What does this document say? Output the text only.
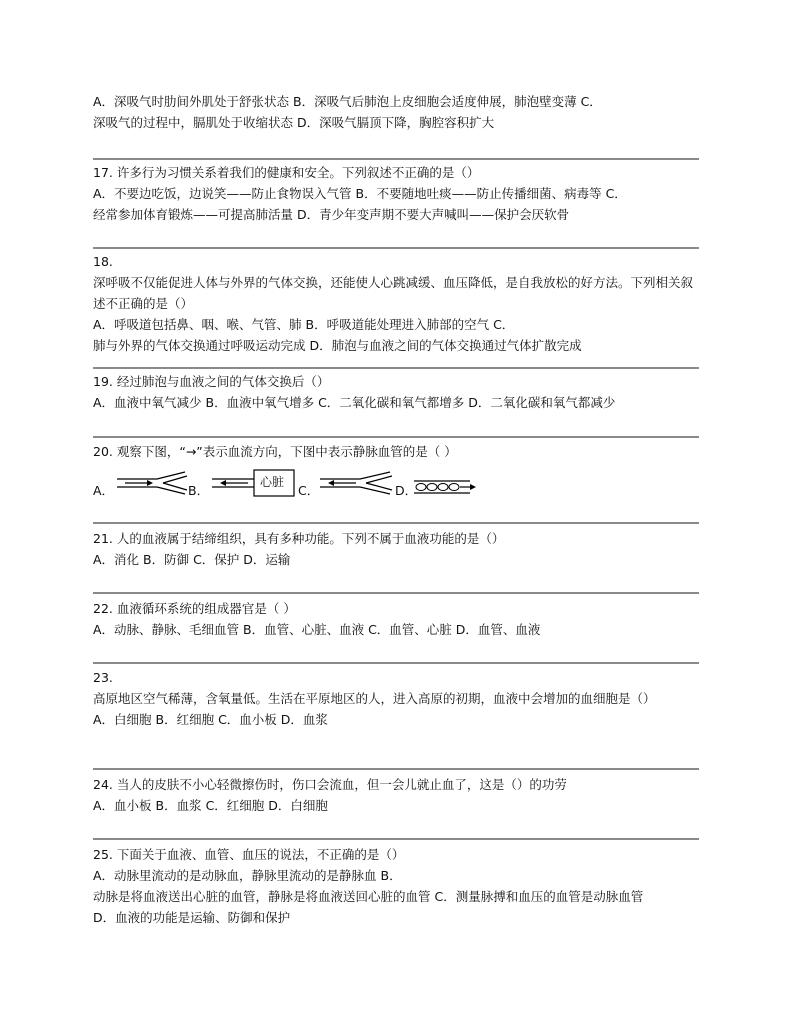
A．深吸气时肋间外肌处于舒张状态 B．深吸气后肺泡上皮细胞会适度伸展，肺泡壁变薄 C．
深吸气的过程中，膈肌处于收缩状态 D．深吸气膈顶下降，胸腔容积扩大
17. 许多行为习惯关系着我们的健康和安全。下列叙述不正确的是（）
A．不要边吃饭，边说笑——防止食物误入气管 B．不要随地吐痰——防止传播细菌、病毒等 C．
经常参加体育锻炼——可提高肺活量 D．青少年变声期不要大声喊叫——保护会厌软骨
18.
深呼吸不仅能促进人体与外界的气体交换，还能使人心跳减缓、血压降低，是自我放松的好方法。下列相关叙述不正确的是（）
A．呼吸道包括鼻、咽、喉、气管、肺 B．呼吸道能处理进入肺部的空气 C．
肺与外界的气体交换通过呼吸运动完成 D．肺泡与血液之间的气体交换通过气体扩散完成
19. 经过肺泡与血液之间的气体交换后（）
A．血液中氧气减少 B．血液中氧气增多 C．二氧化碳和氧气都增多 D．二氧化碳和氧气都减少
20. 观察下图，“→”表示血流方向，下图中表示静脉血管的是（ ）
A．	B．	C．	D．
心脏
21. 人的血液属于结缔组织，具有多种功能。下列不属于血液功能的是（）
A．消化 B．防御 C．保护 D．运输
22. 血液循环系统的组成器官是（ ）
A．动脉、静脉、毛细血管 B．血管、心脏、血液 C．血管、心脏 D．血管、血液
23.
高原地区空气稀薄，含氧量低。生活在平原地区的人，进入高原的初期，血液中会增加的血细胞是（）
A．白细胞 B．红细胞 C．血小板 D．血浆
24. 当人的皮肤不小心轻微擦伤时，伤口会流血，但一会儿就止血了，这是（）的功劳
A．血小板 B．血浆 C．红细胞 D．白细胞
25. 下面关于血液、血管、血压的说法，不正确的是（）
A．动脉里流动的是动脉血，静脉里流动的是静脉血 B．
动脉是将血液送出心脏的血管，静脉是将血液送回心脏的血管 C．测量脉搏和血压的血管是动脉血管
D．血液的功能是运输、防御和保护
